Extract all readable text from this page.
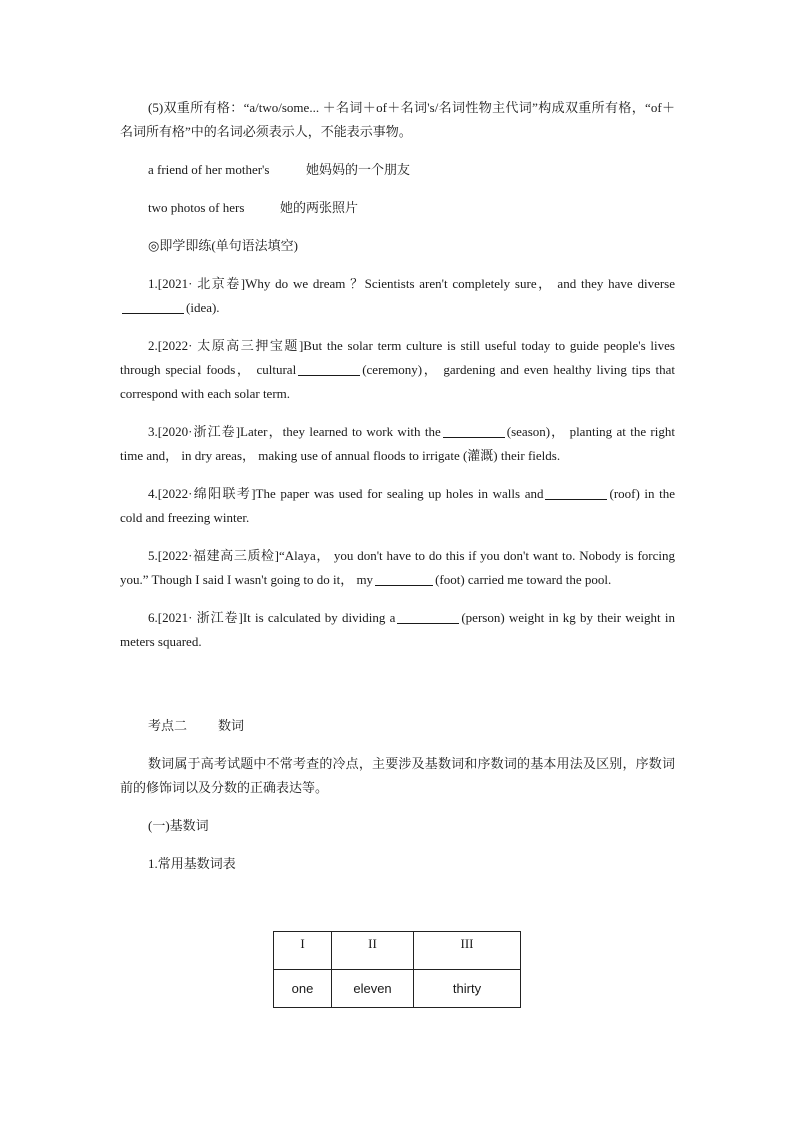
(5)双重所有格：“a/two/some... ＋名词＋of＋名词's/名词性物主代词”构成双重所有格，“of＋名词所有格”中的名词必须表示人，不能表示事物。

a friend of her mother's	她妈妈的一个朋友

two photos of hers	她的两张照片

◎即学即练(单句语法填空)

1.[2021· 北京卷]Why do we dream ？Scientists aren't completely sure， and they have diverse(idea).

2.[2022· 太原高三押宝题]But the solar term culture is still useful today to guide people's lives through special foods， cultural	(ceremony)， gardening and even healthy living tips that correspond with each solar term.

3.[2020·浙江卷]Later，they learned to work with the	(season)， planting at the right time and， in dry areas， making use of annual floods to irrigate (灌溉) their fields.

4.[2022·绵阳联考]The paper was used for sealing up holes in walls and	(roof) in the cold and freezing winter.

5.[2022·福建高三质检]“Alaya， you don't have to do this if you don't want to. Nobody is forcing you.” Though I said I wasn't going to do it， my	(foot) carried me toward the pool.

6.[2021· 浙江卷]It is calculated by dividing a	(person) weight in kg by their weight in meters squared.

考点二 数词

数词属于高考试题中不常考查的冷点，主要涉及基数词和序数词的基本用法及区别，序数词前的修饰词以及分数的正确表达等。

(一)基数词

1.常用基数词表

I	II	III
one	eleven	thirty
